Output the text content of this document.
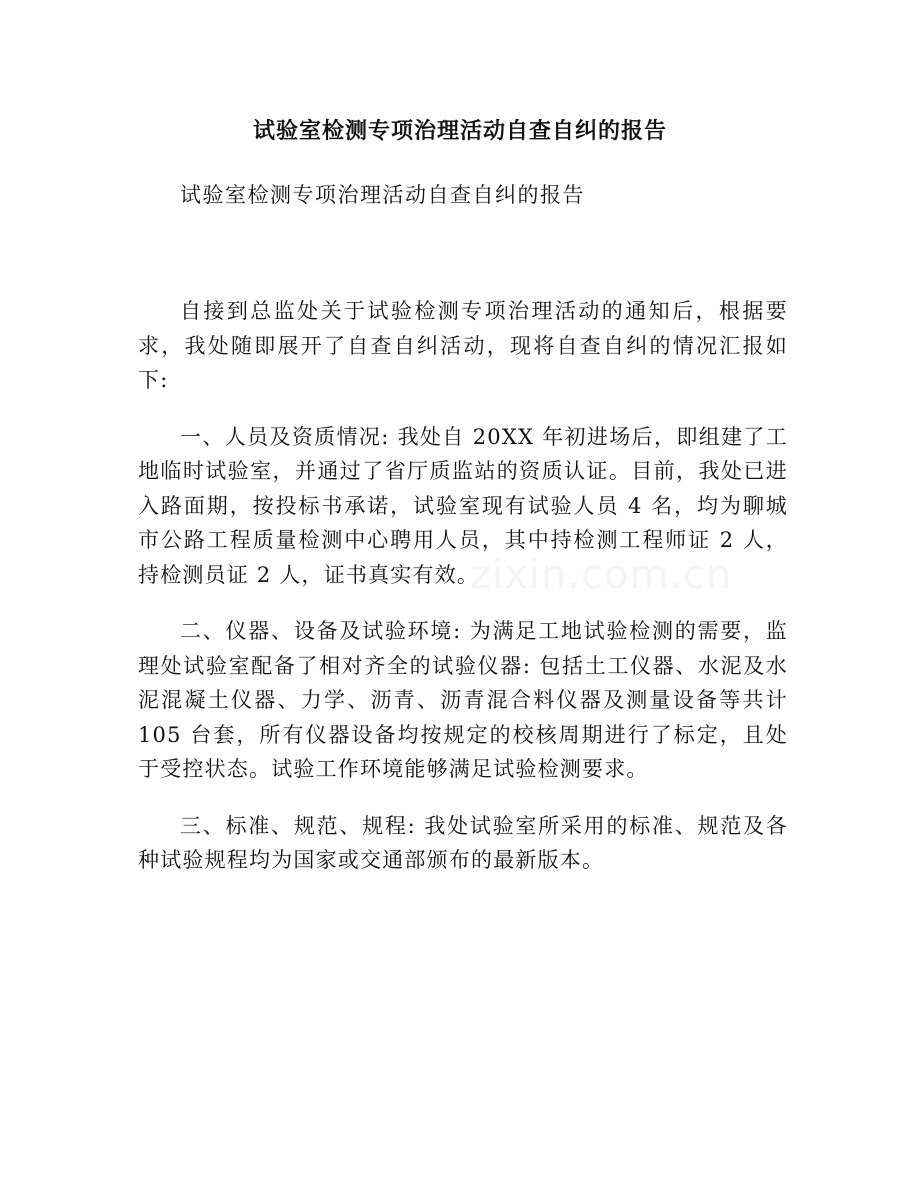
试验室检测专项治理活动自查自纠的报告
试验室检测专项治理活动自查自纠的报告

自接到总监处关于试验检测专项治理活动的通知后，根据要求，我处随即展开了自查自纠活动，现将自查自纠的情况汇报如下:

一、人员及资质情况: 我处自 20XX 年初进场后，即组建了工地临时试验室，并通过了省厅质监站的资质认证。目前，我处已进入路面期，按投标书承诺，试验室现有试验人员 4 名，均为聊城市公路工程质量检测中心聘用人员，其中持检测工程师证 2 人，持检测员证 2 人，证书真实有效。

二、仪器、设备及试验环境: 为满足工地试验检测的需要，监理处试验室配备了相对齐全的试验仪器: 包括土工仪器、水泥及水泥混凝土仪器、力学、沥青、沥青混合料仪器及测量设备等共计 105 台套，所有仪器设备均按规定的校核周期进行了标定，且处于受控状态。试验工作环境能够满足试验检测要求。

三、标准、规范、规程: 我处试验室所采用的标准、规范及各种试验规程均为国家或交通部颁布的最新版本。

zixin.com.cn
